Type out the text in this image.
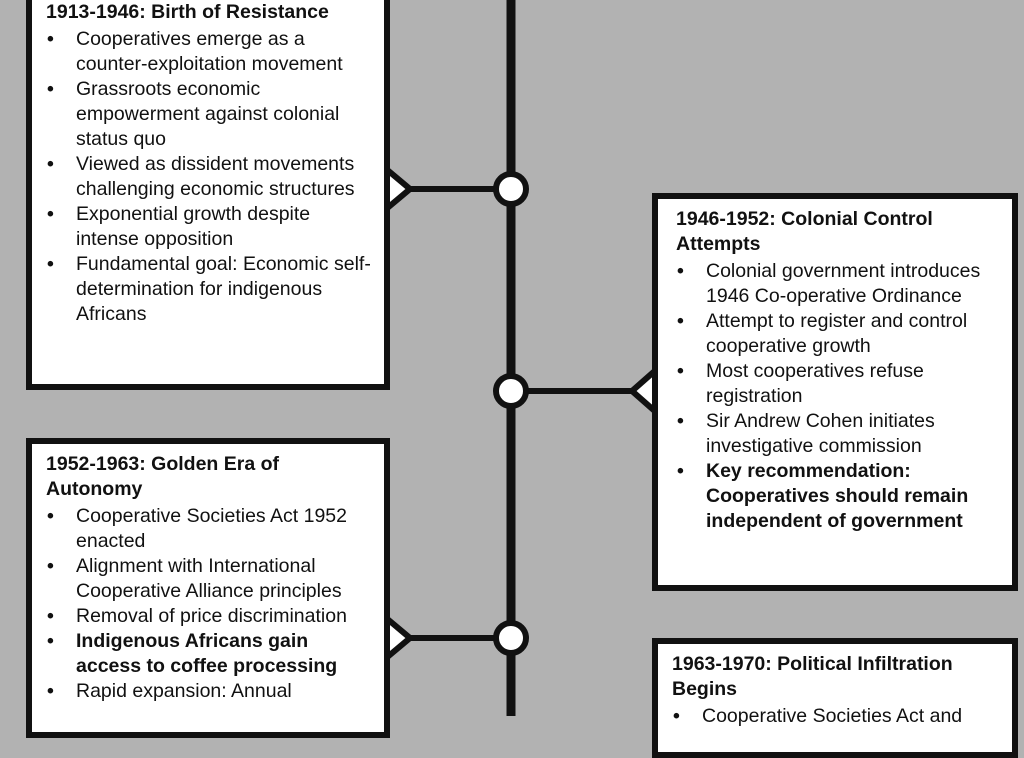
1913-1946: Birth of Resistance
• Cooperatives emerge as a counter-exploitation movement
• Grassroots economic empowerment against colonial status quo
• Viewed as dissident movements challenging economic structures
• Exponential growth despite intense opposition
• Fundamental goal: Economic self-determination for indigenous Africans
1946-1952: Colonial Control Attempts
• Colonial government introduces 1946 Co-operative Ordinance
• Attempt to register and control cooperative growth
• Most cooperatives refuse registration
• Sir Andrew Cohen initiates investigative commission
• Key recommendation: Cooperatives should remain independent of government
1952-1963: Golden Era of Autonomy
• Cooperative Societies Act 1952 enacted
• Alignment with International Cooperative Alliance principles
• Removal of price discrimination
• Indigenous Africans gain access to coffee processing
• Rapid expansion: Annual
1963-1970: Political Infiltration Begins
• Cooperative Societies Act and
